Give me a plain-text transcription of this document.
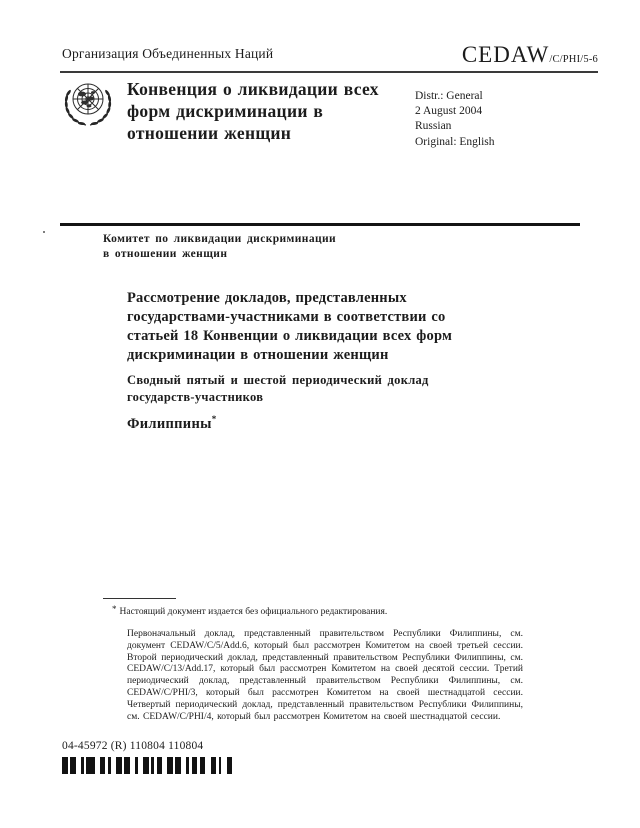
Организация Объединенных Наций	CEDAW/C/PHI/5-6
Конвенция о ликвидации всех
форм дискриминации в
отношении женщин
Distr.: General
2 August 2004
Russian
Original: English
Комитет по ликвидации дискриминации
в отношении женщин
Рассмотрение докладов, представленных
государствами-участниками в соответствии со
статьей 18 Конвенции о ликвидации всех форм
дискриминации в отношении женщин
Сводный пятый и шестой периодический доклад
государств-участников
Филиппины*
* Настоящий документ издается без официального редактирования.
Первоначальный доклад, представленный правительством Республики Филиппины, см. документ CEDAW/C/5/Add.6, который был рассмотрен Комитетом на своей третьей сессии. Второй периодический доклад, представленный правительством Республики Филиппины, см. CEDAW/C/13/Add.17, который был рассмотрен Комитетом на своей десятой сессии. Третий периодический доклад, представленный правительством Республики Филиппины, см. CEDAW/C/PHI/3, который был рассмотрен Комитетом на своей шестнадцатой сессии. Четвертый периодический доклад, представленный правительством Республики Филиппины, см. CEDAW/C/PHI/4, который был рассмотрен Комитетом на своей шестнадцатой сессии.
04-45972 (R) 110804 110804
